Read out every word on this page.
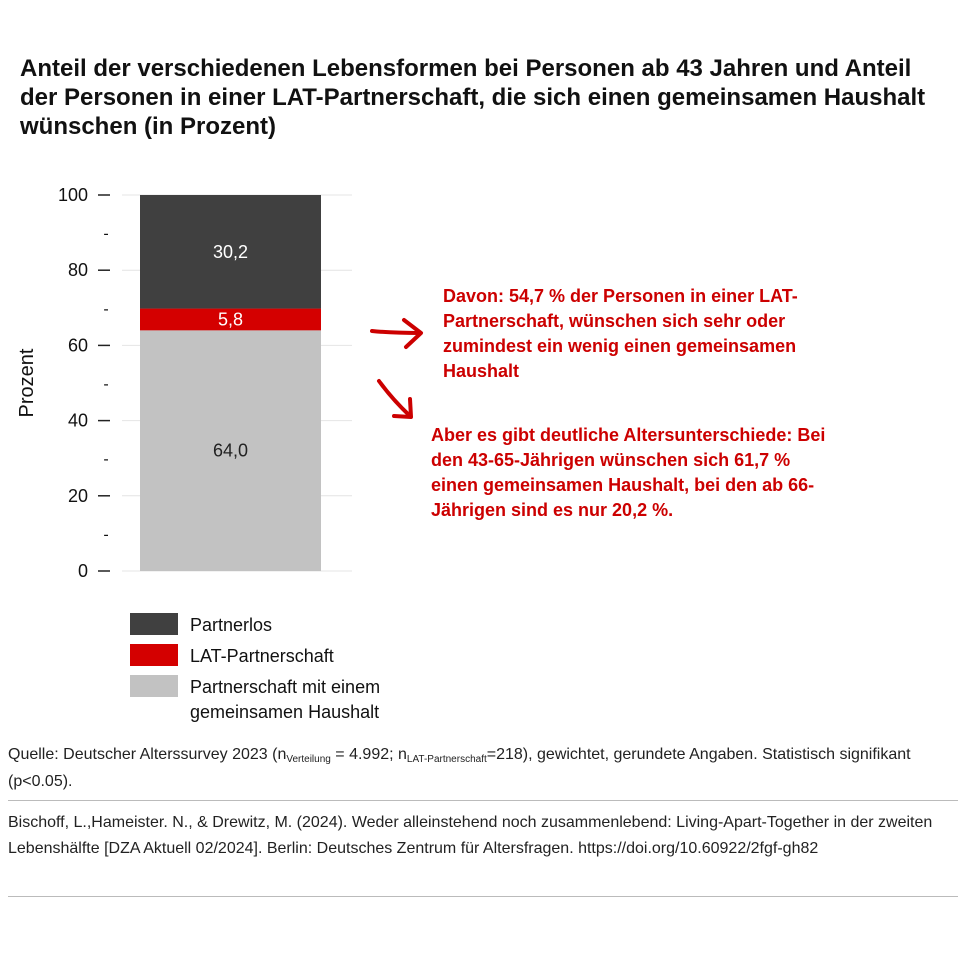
Anteil der verschiedenen Lebensformen bei Personen ab 43 Jahren und Anteil der Personen in einer LAT-Partnerschaft, die sich einen gemeinsamen Haushalt wünschen (in Prozent)
0
20
40
60
80
100
-
-
-
-
-
Prozent
64,0
5,8
30,2
Partnerlos
LAT-Partnerschaft
Partnerschaft mit einem
gemeinsamen Haushalt

Davon: 54,7 % der Personen in einer LAT-Partnerschaft, wünschen sich sehr oder zumindest ein wenig einen gemeinsamen Haushalt

Aber es gibt deutliche Altersunterschiede: Bei den 43-65-Jährigen wünschen sich 61,7 % einen gemeinsamen Haushalt, bei den ab 66-Jährigen sind es nur 20,2 %.

Quelle: Deutscher Alterssurvey 2023 ($n_{Verteilung} = 4.992$; $n_{LAT-Partnerschaft}=218$), gewichtet, gerundete Angaben. Statistisch signifikant (p<0.05).

Bischoff, L.,Hameister. N., & Drewitz, M. (2024). Weder alleinstehend noch zusammenlebend: Living-Apart-Together in der zweiten Lebenshälfte [DZA Aktuell 02/2024]. Berlin: Deutsches Zentrum für Altersfragen. https://doi.org/10.60922/2fgf-gh82
